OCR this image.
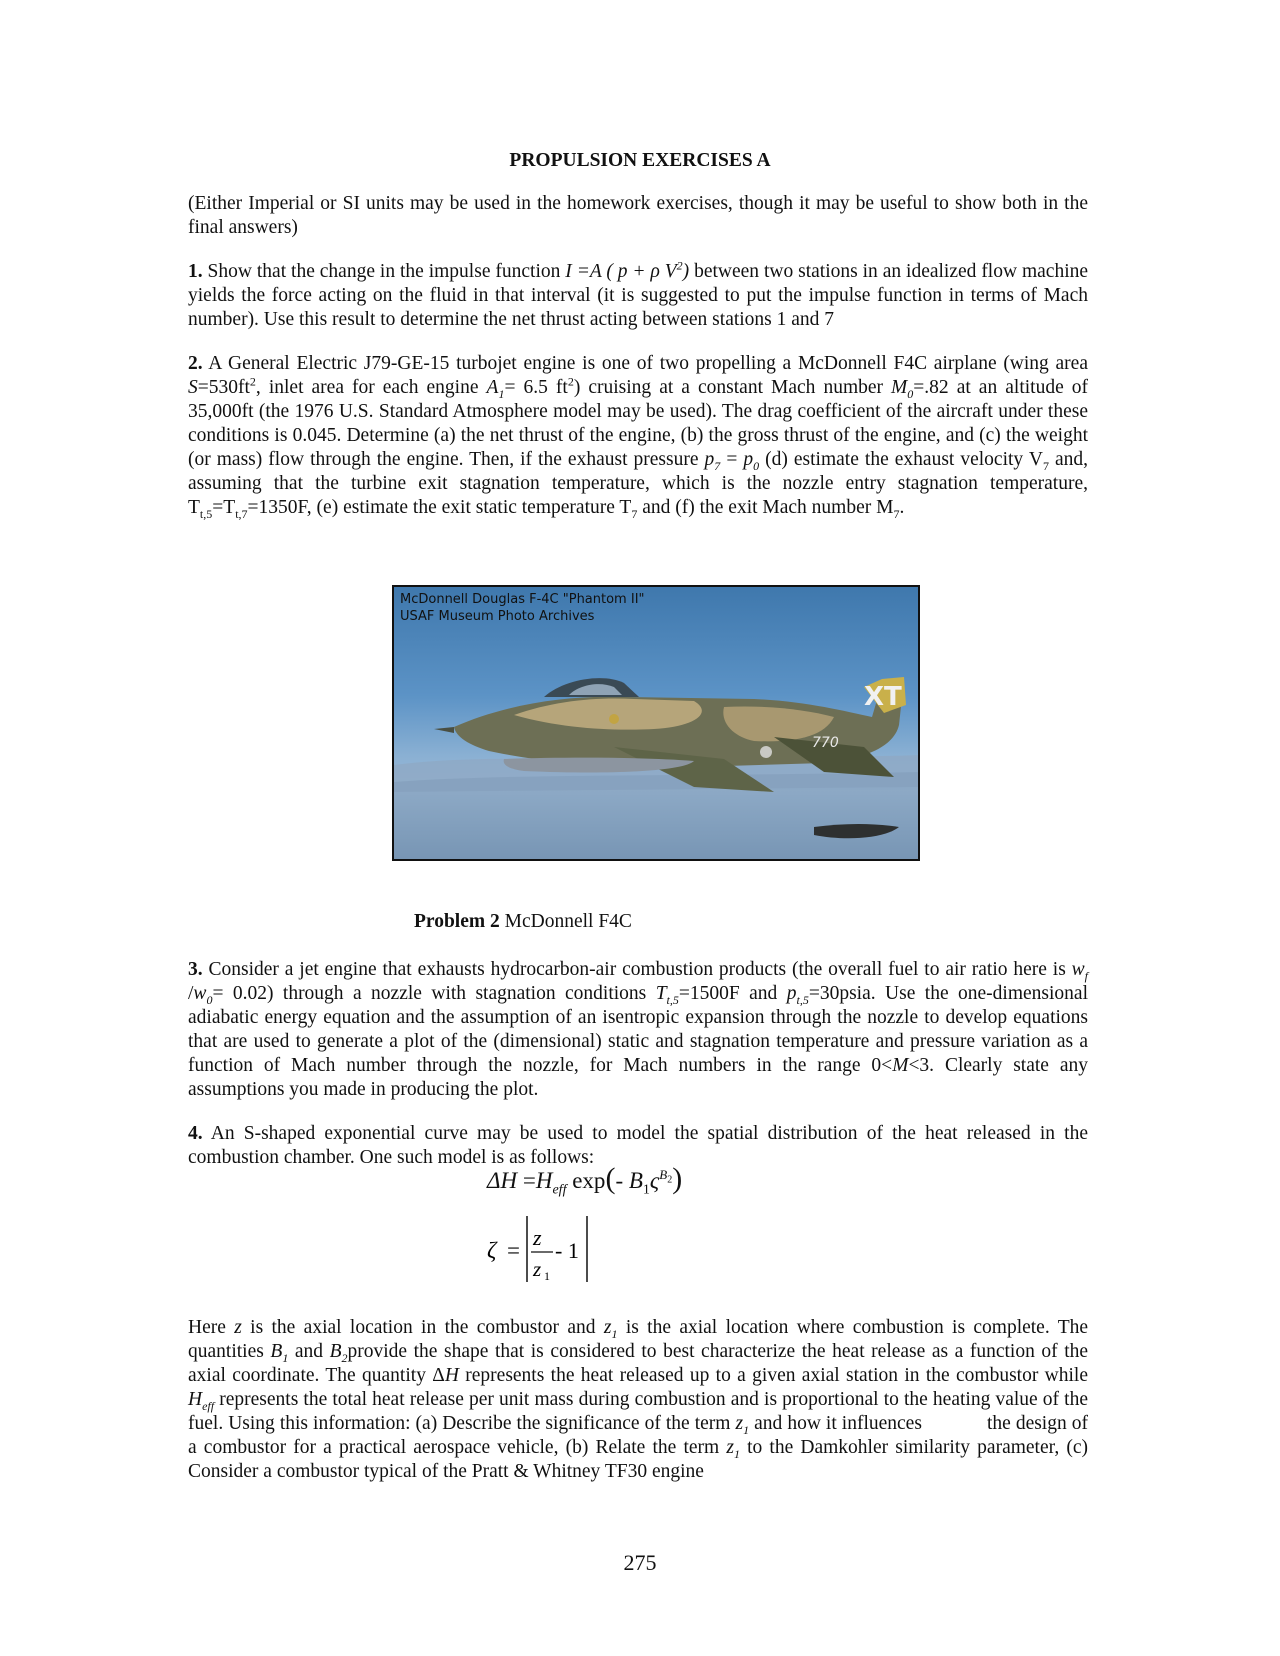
PROPULSION EXERCISES A

(Either Imperial or SI units may be used in the homework exercises, though it may be useful to show both in the final answers)

1. Show that the change in the impulse function I =A ( p + ρ $V^2$) between two stations in an idealized flow machine yields the force acting on the fluid in that interval (it is suggested to put the impulse function in terms of Mach number). Use this result to determine the net thrust acting between stations 1 and 7

2. A General Electric J79-GE-15 turbojet engine is one of two propelling a McDonnell F4C airplane (wing area $S=530ft^2$, inlet area for each engine $A_1= 6.5$ $ft^2$) cruising at a constant Mach number $M_0=.82$ at an altitude of 35,000ft (the 1976 U.S. Standard Atmosphere model may be used). The drag coefficient of the aircraft under these conditions is 0.045. Determine (a) the net thrust of the engine, (b) the gross thrust of the engine, and (c) the weight (or mass) flow through the engine. Then, if the exhaust pressure $p_7 = p_0$ (d) estimate the exhaust velocity $V_7$ and, assuming that the turbine exit stagnation temperature, which is the nozzle entry stagnation temperature, $T_{t,5}=T_{t,7}=1350F$, (e) estimate the exit static temperature $T_7$ and (f) the exit Mach number $M_7$.

XT
770
McDonnell Douglas F-4C "Phantom II"
USAF Museum Photo Archives
Problem 2 McDonnell F4C

3. Consider a jet engine that exhausts hydrocarbon-air combustion products (the overall fuel to air ratio here is $w_f$ $/w_0= 0.02$) through a nozzle with stagnation conditions $T_{t,5}=1500F$ and $p_{t,5}=30psia$. Use the one-dimensional adiabatic energy equation and the assumption of an isentropic expansion through the nozzle to develop equations that are used to generate a plot of the (dimensional) static and stagnation temperature and pressure variation as a function of Mach number through the nozzle, for Mach numbers in the range 0<M<3. Clearly state any assumptions you made in producing the plot.

4. An S-shaped exponential curve may be used to model the spatial distribution of the heat released in the combustion chamber. One such model is as follows:

$\Delta H =H_{eff}$ exp(- $B_1\varsigma^{B_2}$)
ζ =
z
z 1
- 1

Here z is the axial location in the combustor and $z_1$ is the axial location where combustion is complete. The quantities $B_1$ and $B_2provide$ the shape that is considered to best characterize the heat release as a function of the axial coordinate. The quantity ΔH represents the heat released up to a given axial station in the combustor while $H_{eff}$ represents the total heat release per unit mass during combustion and is proportional to the heating value of the fuel. Using this information: (a) Describe the significance of the term $z_1$ and how it influences	the design of a combustor for a practical aerospace vehicle, (b) Relate the term $z_1$ to the Damkohler similarity parameter, (c) Consider a combustor typical of the Pratt & Whitney TF30 engine

275
